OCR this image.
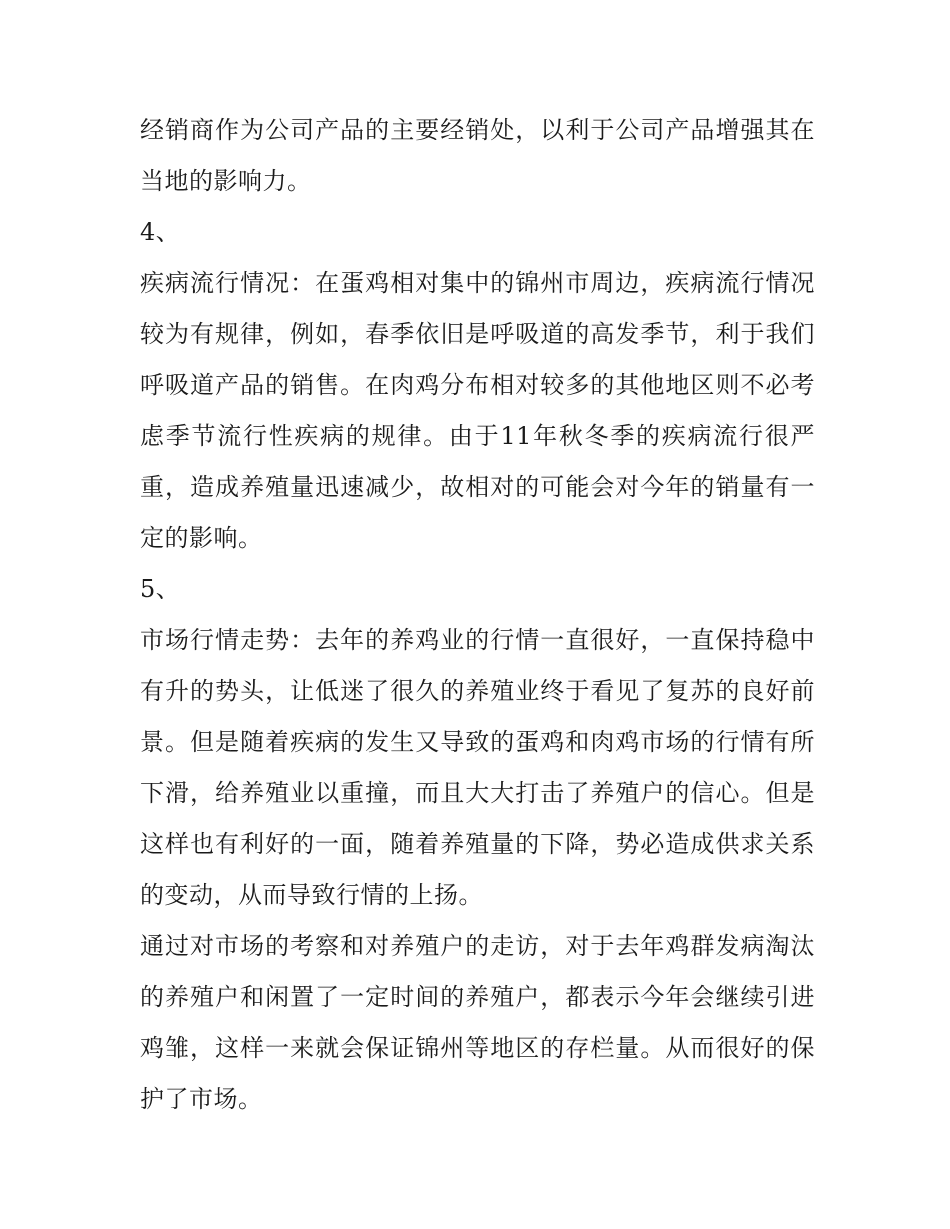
经销商作为公司产品的主要经销处，以利于公司产品增强其在当地的影响力。

4、

疾病流行情况：在蛋鸡相对集中的锦州市周边，疾病流行情况较为有规律，例如，春季依旧是呼吸道的高发季节，利于我们呼吸道产品的销售。在肉鸡分布相对较多的其他地区则不必考虑季节流行性疾病的规律。由于11年秋冬季的疾病流行很严重，造成养殖量迅速减少，故相对的可能会对今年的销量有一定的影响。

5、

市场行情走势：去年的养鸡业的行情一直很好，一直保持稳中有升的势头，让低迷了很久的养殖业终于看见了复苏的良好前景。但是随着疾病的发生又导致的蛋鸡和肉鸡市场的行情有所下滑，给养殖业以重撞，而且大大打击了养殖户的信心。但是这样也有利好的一面，随着养殖量的下降，势必造成供求关系的变动，从而导致行情的上扬。

通过对市场的考察和对养殖户的走访，对于去年鸡群发病淘汰的养殖户和闲置了一定时间的养殖户，都表示今年会继续引进鸡雏，这样一来就会保证锦州等地区的存栏量。从而很好的保护了市场。
